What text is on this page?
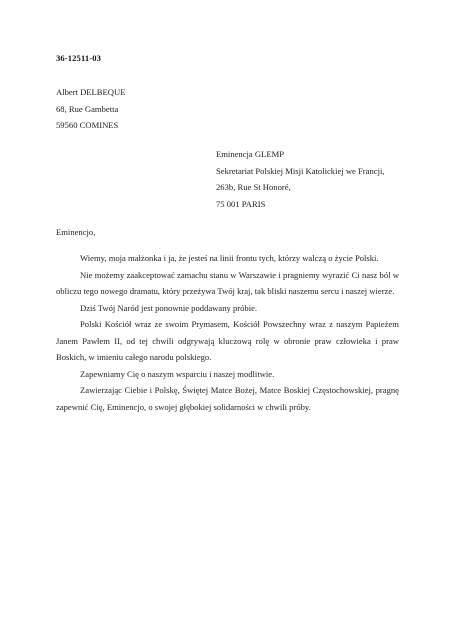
36-12511-03
Albert DELBEQUE
68, Rue Gambetta
59560 COMINES
Eminencja GLEMP
Sekretariat Polskiej Misji Katolickiej we Francji,
263b, Rue St Honoré,
75 001 PARIS
Eminencjo,

Wiemy, moja małżonka i ja, że jesteś na linii frontu tych, którzy walczą o życie Polski.

Nie możemy zaakceptować zamachu stanu w Warszawie i pragniemy wyrazić Ci nasz ból w obliczu tego nowego dramatu, który przeżywa Twój kraj, tak bliski naszemu sercu i naszej wierze.

Dziś Twój Naród jest ponownie poddawany próbie.

Polski Kościół wraz ze swoim Prymasem, Kościół Powszechny wraz z naszym Papieżem Janem Pawłem II, od tej chwili odgrywają kluczową rolę w obronie praw człowieka i praw Boskich, w imieniu całego narodu polskiego.

Zapewniamy Cię o naszym wsparciu i naszej modlitwie.

Zawierzając Ciebie i Polskę, Świętej Matce Bożej, Matce Boskiej Częstochowskiej, pragnę zapewnić Cię, Eminencjo, o swojej głębokiej solidarności w chwili próby.
